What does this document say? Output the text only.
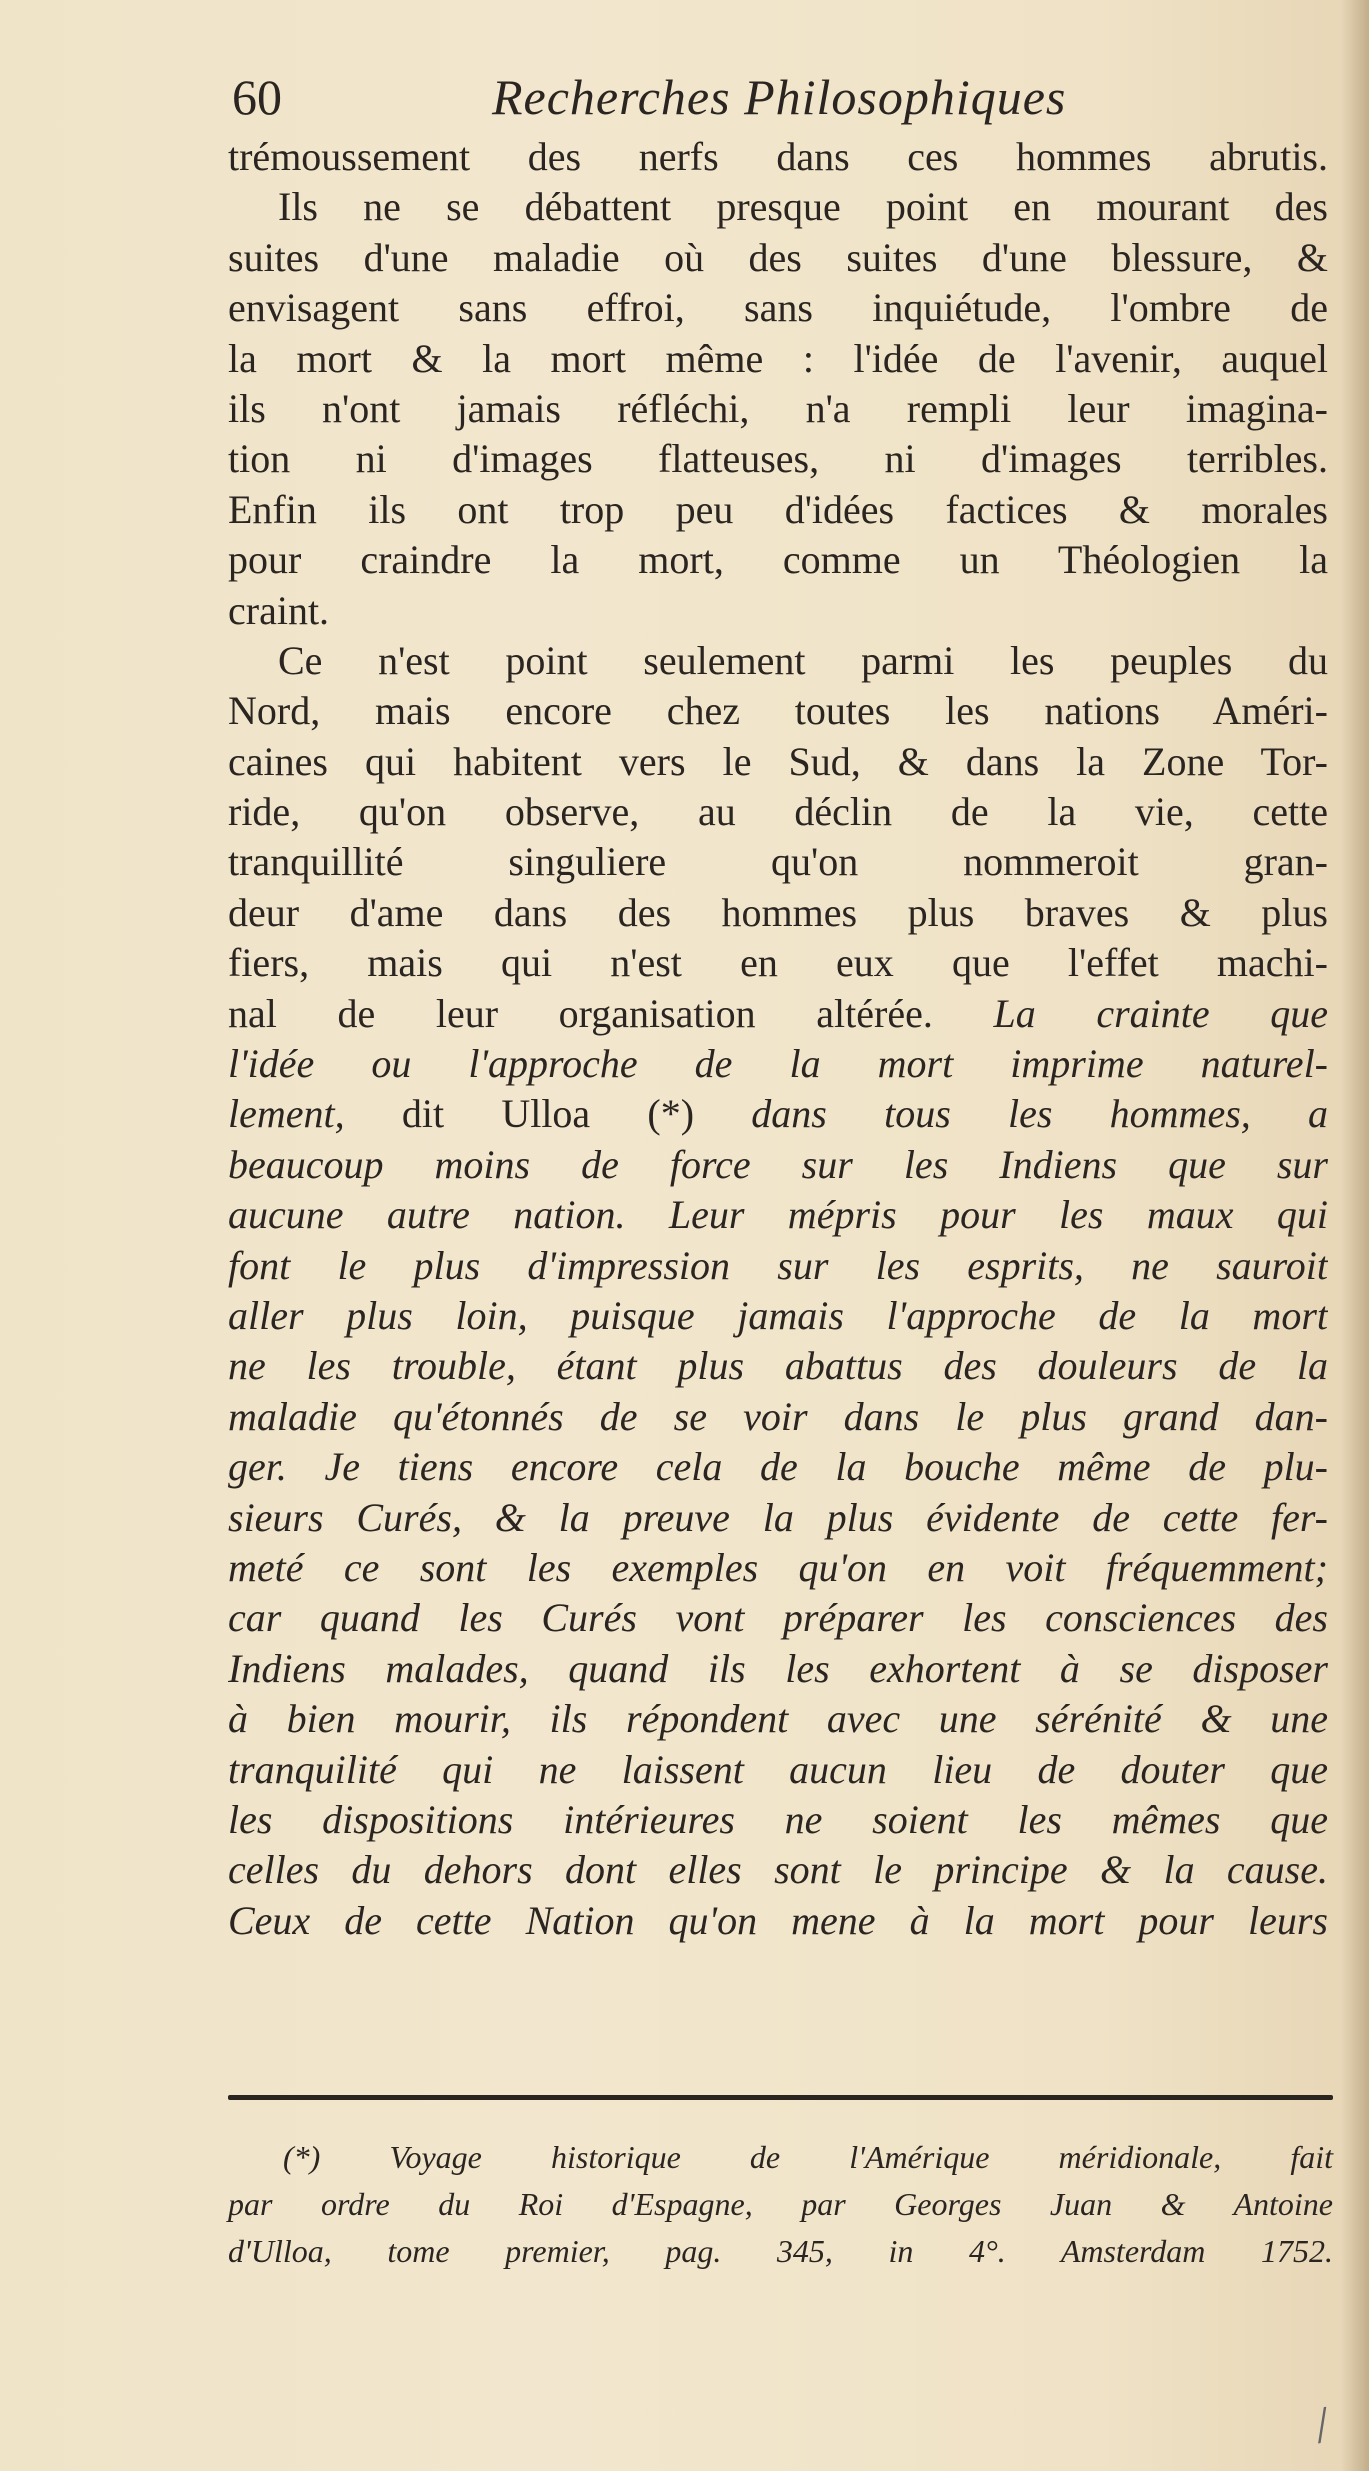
60	Recherches Philosophiques
trémoussement des nerfs dans ces hommes abrutis.
Ils ne se débattent presque point en mourant des
suites d'une maladie où des suites d'une blessure, &
envisagent sans effroi, sans inquiétude, l'ombre de
la mort & la mort même : l'idée de l'avenir, auquel
ils n'ont jamais réfléchi, n'a rempli leur imagina-
tion ni d'images flatteuses, ni d'images terribles.
Enfin ils ont trop peu d'idées factices & morales
pour craindre la mort, comme un Théologien la
craint.
Ce n'est point seulement parmi les peuples du
Nord, mais encore chez toutes les nations Améri-
caines qui habitent vers le Sud, & dans la Zone Tor-
ride, qu'on observe, au déclin de la vie, cette
tranquillité singuliere qu'on nommeroit gran-
deur d'ame dans des hommes plus braves & plus
fiers, mais qui n'est en eux que l'effet machi-
nal de leur organisation altérée. La crainte que
l'idée ou l'approche de la mort imprime naturel-
lement, dit Ulloa (*) dans tous les hommes, a
beaucoup moins de force sur les Indiens que sur
aucune autre nation. Leur mépris pour les maux qui
font le plus d'impression sur les esprits, ne sauroit
aller plus loin, puisque jamais l'approche de la mort
ne les trouble, étant plus abattus des douleurs de la
maladie qu'étonnés de se voir dans le plus grand dan-
ger. Je tiens encore cela de la bouche même de plu-
sieurs Curés, & la preuve la plus évidente de cette fer-
meté ce sont les exemples qu'on en voit fréquemment;
car quand les Curés vont préparer les consciences des
Indiens malades, quand ils les exhortent à se disposer
à bien mourir, ils répondent avec une sérénité & une
tranquilité qui ne laissent aucun lieu de douter que
les dispositions intérieures ne soient les mêmes que
celles du dehors dont elles sont le principe & la cause.
Ceux de cette Nation qu'on mene à la mort pour leurs
(*) Voyage historique de l'Amérique méridionale, fait
par ordre du Roi d'Espagne, par Georges Juan & Antoine
d'Ulloa, tome premier, pag. 345, in 4°. Amsterdam 1752.
/
